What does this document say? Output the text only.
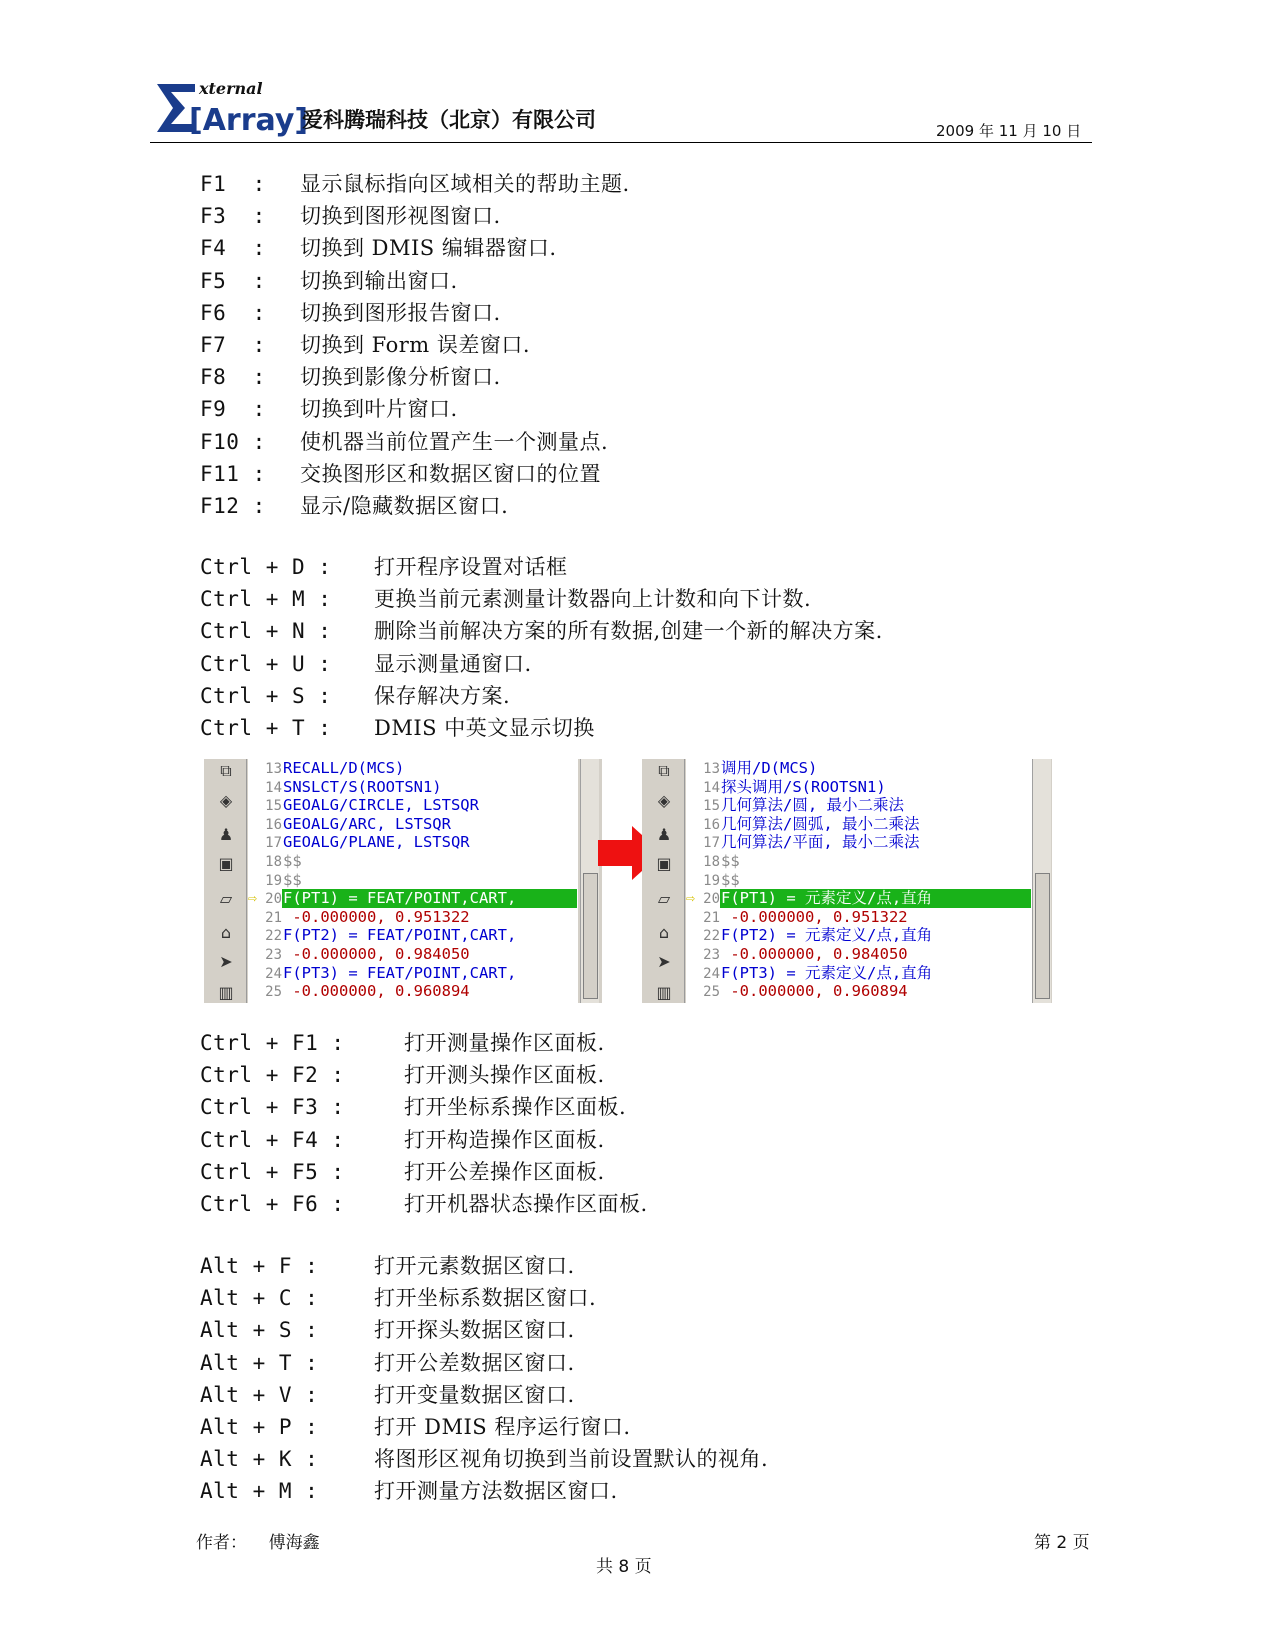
xternal
[Array]
爱科腾瑞科技（北京）有限公司	2009 年 11 月 10 日
F1  : 显示鼠标指向区域相关的帮助主题.
F3  : 切换到图形视图窗口.
F4  : 切换到 DMIS 编辑器窗口.
F5  : 切换到输出窗口.
F6  : 切换到图形报告窗口.
F7  : 切换到 Form 误差窗口.
F8  : 切换到影像分析窗口.
F9  : 切换到叶片窗口.
F10 : 使机器当前位置产生一个测量点.
F11 : 交换图形区和数据区窗口的位置
F12 : 显示/隐藏数据区窗口.
Ctrl + D : 打开程序设置对话框
Ctrl + M : 更换当前元素测量计数器向上计数和向下计数.
Ctrl + N : 删除当前解决方案的所有数据,创建一个新的解决方案.
Ctrl + U : 显示测量通窗口.
Ctrl + S : 保存解决方案.
Ctrl + T : DMIS 中英文显示切换
⧉
◈
♟
▣
▱
⌂
➤
▥
13RECALL/D(MCS)
14SNSLCT/S(ROOTSN1)
15GEOALG/CIRCLE, LSTSQR
16GEOALG/ARC, LSTSQR
17GEOALG/PLANE, LSTSQR
18$$
19$$
⇨ 20F(PT1) = FEAT/POINT,CART,
21 -0.000000, 0.951322
22F(PT2) = FEAT/POINT,CART,
23 -0.000000, 0.984050
24F(PT3) = FEAT/POINT,CART,
25 -0.000000, 0.960894
⧉
◈
♟
▣
▱
⌂
➤
▥
13调用/D(MCS)
14探头调用/S(ROOTSN1)
15几何算法/圆, 最小二乘法
16几何算法/圆弧, 最小二乘法
17几何算法/平面, 最小二乘法
18$$
19$$
⇨ 20F(PT1) = 元素定义/点,直角
21 -0.000000, 0.951322
22F(PT2) = 元素定义/点,直角
23 -0.000000, 0.984050
24F(PT3) = 元素定义/点,直角
25 -0.000000, 0.960894
Ctrl + F1 :	打开测量操作区面板.
Ctrl + F2 :	打开测头操作区面板.
Ctrl + F3 :	打开坐标系操作区面板.
Ctrl + F4 :	打开构造操作区面板.
Ctrl + F5 :	打开公差操作区面板.
Ctrl + F6 :	打开机器状态操作区面板.
Alt + F :	打开元素数据区窗口.
Alt + C :	打开坐标系数据区窗口.
Alt + S :	打开探头数据区窗口.
Alt + T :	打开公差数据区窗口.
Alt + V :	打开变量数据区窗口.
Alt + P :	打开 DMIS 程序运行窗口.
Alt + K :	将图形区视角切换到当前设置默认的视角.
Alt + M :	打开测量方法数据区窗口.
作者：    傅海鑫	第 2 页
共 8 页
